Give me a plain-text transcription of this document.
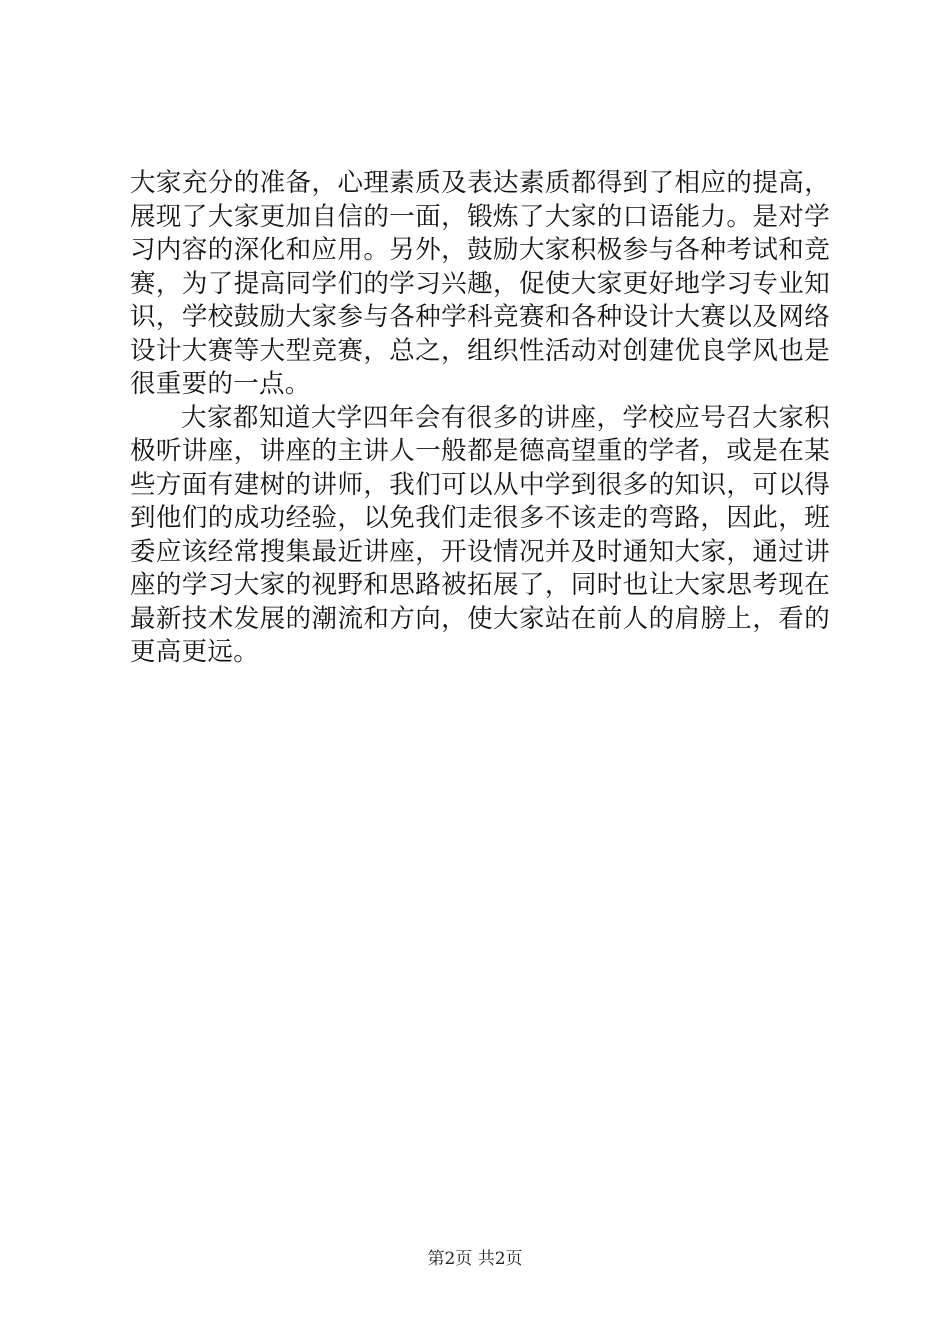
大家充分的准备，心理素质及表达素质都得到了相应的提高，展现了大家更加自信的一面，锻炼了大家的口语能力。是对学习内容的深化和应用。另外，鼓励大家积极参与各种考试和竞赛，为了提高同学们的学习兴趣，促使大家更好地学习专业知识，学校鼓励大家参与各种学科竞赛和各种设计大赛以及网络设计大赛等大型竞赛，总之，组织性活动对创建优良学风也是很重要的一点。

大家都知道大学四年会有很多的讲座，学校应号召大家积极听讲座，讲座的主讲人一般都是德高望重的学者，或是在某些方面有建树的讲师，我们可以从中学到很多的知识，可以得到他们的成功经验，以免我们走很多不该走的弯路，因此，班委应该经常搜集最近讲座，开设情况并及时通知大家，通过讲座的学习大家的视野和思路被拓展了，同时也让大家思考现在最新技术发展的潮流和方向，使大家站在前人的肩膀上，看的更高更远。

第2页 共2页
